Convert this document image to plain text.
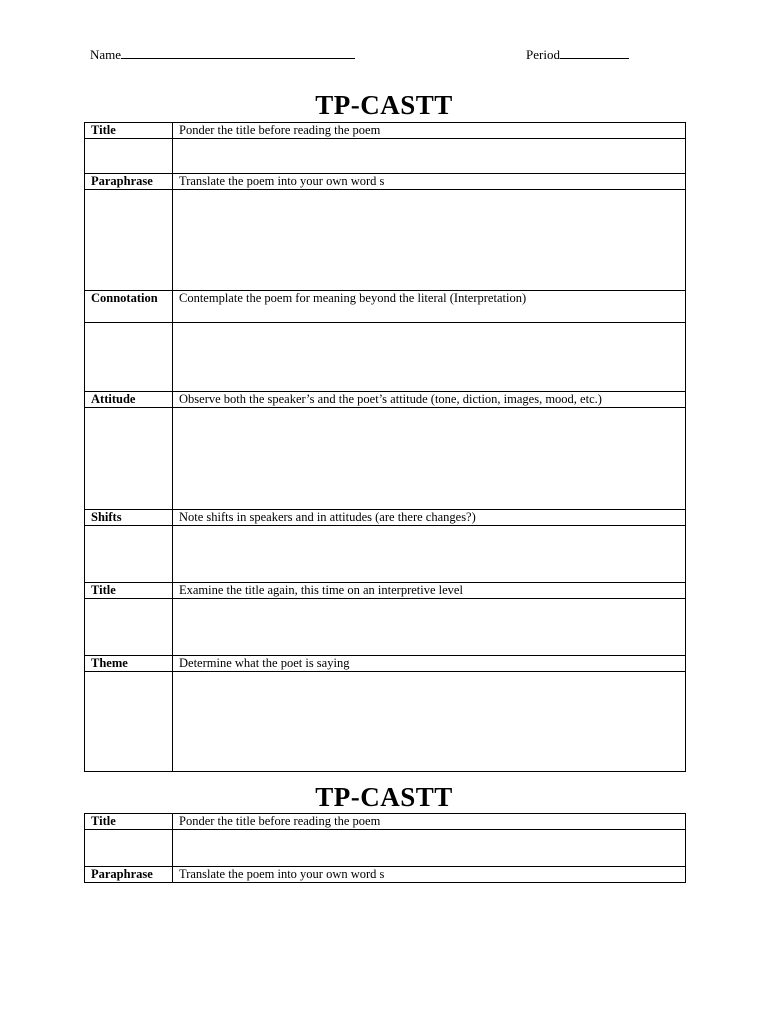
Name	Period
TP-CASTT
Title	Ponder the title before reading the poem

Paraphrase	Translate the poem into your own word s

Connotation	Contemplate the poem for meaning beyond the literal (Interpretation)

Attitude	Observe both the speaker’s and the poet’s attitude (tone, diction, images, mood, etc.)

Shifts	Note shifts in speakers and in attitudes (are there changes?)

Title	Examine the title again, this time on an interpretive level

Theme	Determine what the poet is saying

TP-CASTT
Title	Ponder the title before reading the poem

Paraphrase	Translate the poem into your own word s
